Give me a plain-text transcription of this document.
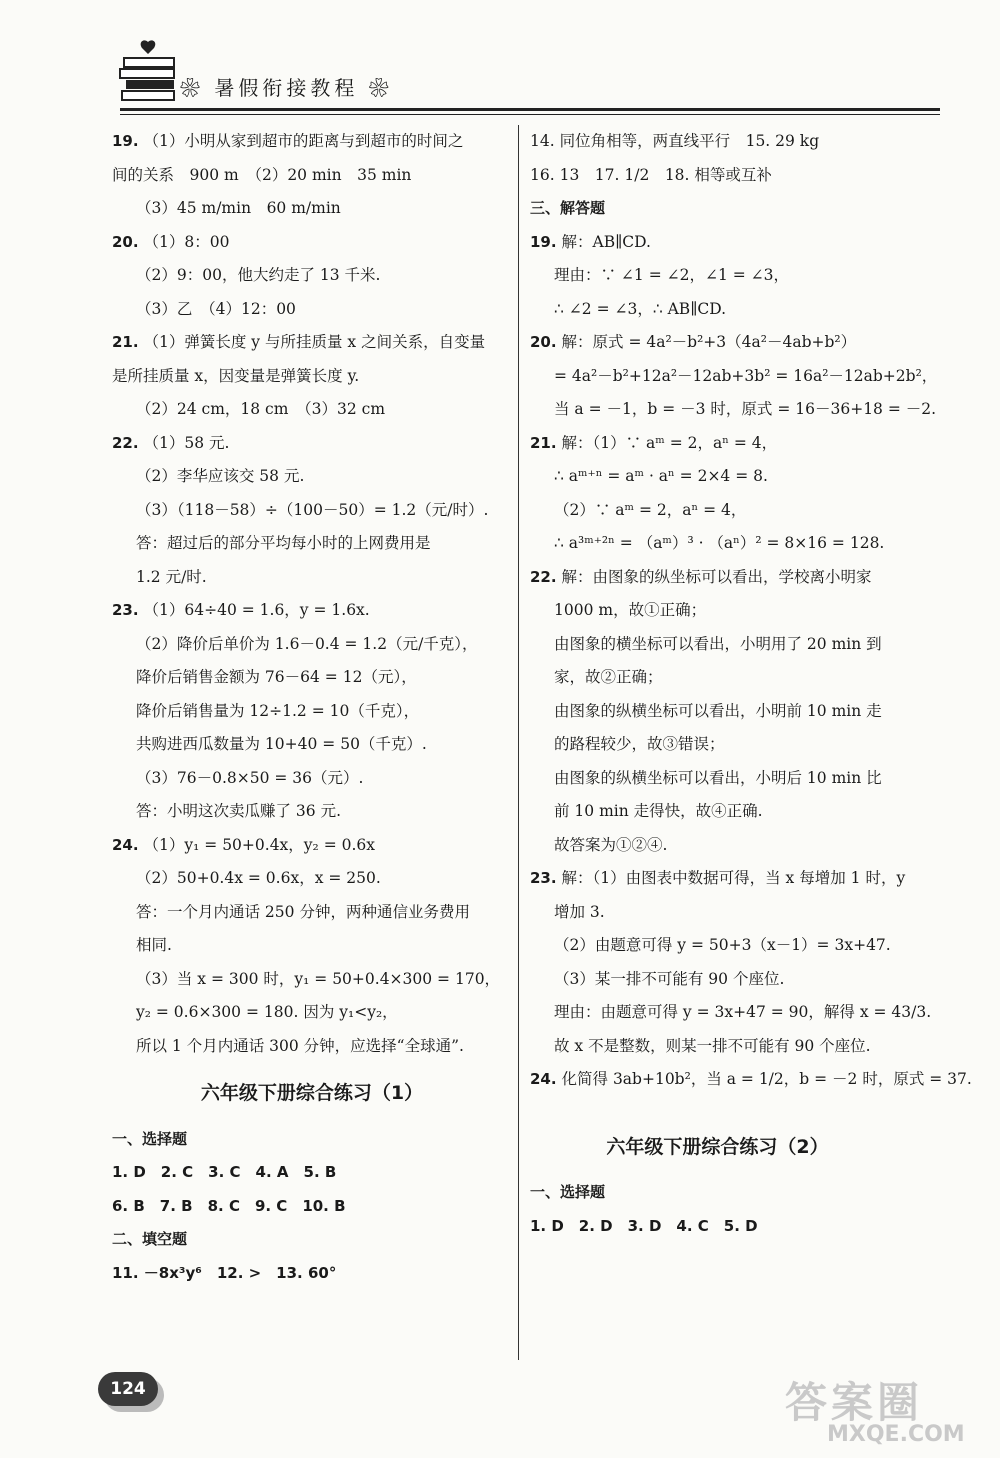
❀ 暑假衔接教程 ❀
19. （1）小明从家到超市的距离与到超市的时间之
间的关系　900 m　（2）20 min　35 min
（3）45 m/min　60 m/min
20. （1）8：00
（2）9：00，他大约走了 13 千米.
（3）乙　（4）12：00
21. （1）弹簧长度 y 与所挂质量 x 之间关系，自变量
是所挂质量 x，因变量是弹簧长度 y.
（2）24 cm，18 cm　（3）32 cm
22. （1）58 元.
（2）李华应该交 58 元.
（3）（118－58）÷（100－50）= 1.2（元/时）.
答：超过后的部分平均每小时的上网费用是
1.2 元/时.
23. （1）64÷40 = 1.6，y = 1.6x.
（2）降价后单价为 1.6－0.4 = 1.2（元/千克），
降价后销售金额为 76－64 = 12（元），
降价后销售量为 12÷1.2 = 10（千克），
共购进西瓜数量为 10+40 = 50（千克）.
（3）76－0.8×50 = 36（元）.
答：小明这次卖瓜赚了 36 元.
24. （1）y₁ = 50+0.4x，y₂ = 0.6x
（2）50+0.4x = 0.6x，x = 250.
答：一个月内通话 250 分钟，两种通信业务费用
相同.
（3）当 x = 300 时，y₁ = 50+0.4×300 = 170，
y₂ = 0.6×300 = 180. 因为 y₁<y₂，
所以 1 个月内通话 300 分钟，应选择“全球通”.
六年级下册综合练习（1）
一、选择题
1. D　2. C　3. C　4. A　5. B
6. B　7. B　8. C　9. C　10. B
二、填空题
11. －8x³y⁶　12. >　13. 60°
14. 同位角相等，两直线平行　15. 29 kg
16. 13　17. 1/2　18. 相等或互补
三、解答题
19. 解：AB∥CD.
理由：∵ ∠1 = ∠2，∠1 = ∠3，
∴ ∠2 = ∠3，∴ AB∥CD.
20. 解：原式 = 4a²－b²+3（4a²－4ab+b²）
= 4a²－b²+12a²－12ab+3b² = 16a²－12ab+2b²，
当 a = －1，b = －3 时，原式 = 16－36+18 = －2.
21. 解：（1）∵ aᵐ = 2，aⁿ = 4，
∴ aᵐ⁺ⁿ = aᵐ · aⁿ = 2×4 = 8.
（2）∵ aᵐ = 2，aⁿ = 4，
∴ a³ᵐ⁺²ⁿ = （aᵐ）³ · （aⁿ）² = 8×16 = 128.
22. 解：由图象的纵坐标可以看出，学校离小明家
1000 m，故①正确；
由图象的横坐标可以看出，小明用了 20 min 到
家，故②正确；
由图象的纵横坐标可以看出，小明前 10 min 走
的路程较少，故③错误；
由图象的纵横坐标可以看出，小明后 10 min 比
前 10 min 走得快，故④正确.
故答案为①②④.
23. 解：（1）由图表中数据可得，当 x 每增加 1 时，y
增加 3.
（2）由题意可得 y = 50+3（x－1）= 3x+47.
（3）某一排不可能有 90 个座位.
理由：由题意可得 y = 3x+47 = 90，解得 x = 43/3.
故 x 不是整数，则某一排不可能有 90 个座位.
24. 化简得 3ab+10b²，当 a = 1/2，b = －2 时，原式 = 37.
六年级下册综合练习（2）
一、选择题
1. D　2. D　3. D　4. C　5. D
124	答案圈
MXQE.COM
